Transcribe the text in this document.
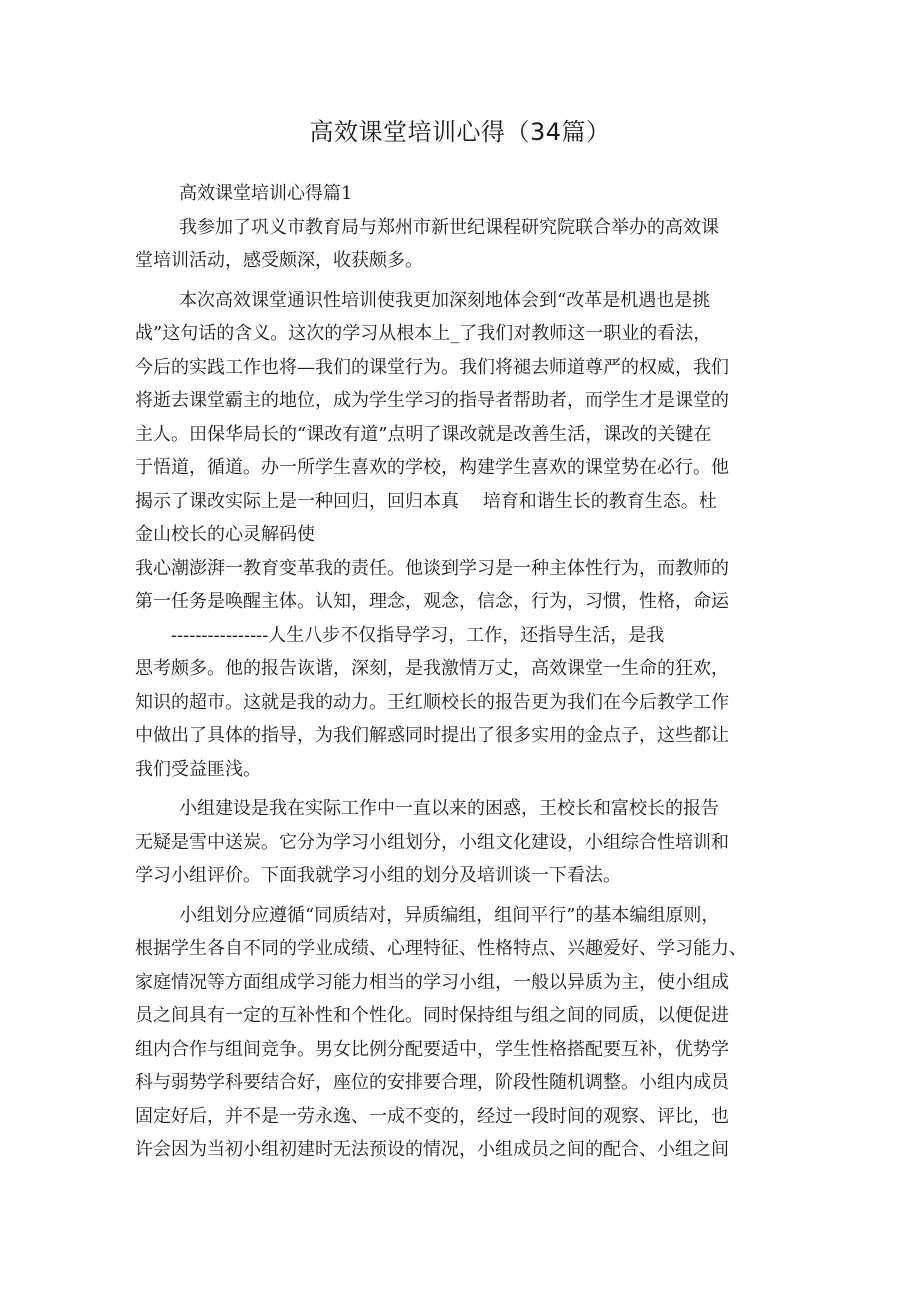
高效课堂培训心得（34篇）
高效课堂培训心得篇1
我参加了巩义市教育局与郑州市新世纪课程研究院联合举办的高效课
堂培训活动，感受颇深，收获颇多。
本次高效课堂通识性培训使我更加深刻地体会到“改革是机遇也是挑
战”这句话的含义。这次的学习从根本上_了我们对教师这一职业的看法，
今后的实践工作也将—我们的课堂行为。我们将褪去师道尊严的权威，我们
将逝去课堂霸主的地位，成为学生学习的指导者帮助者，而学生才是课堂的
主人。田保华局长的“课改有道”点明了课改就是改善生活，课改的关键在
于悟道，循道。办一所学生喜欢的学校，构建学生喜欢的课堂势在必行。他
揭示了课改实际上是一种回归，回归本真　 培育和谐生长的教育生态。杜
金山校长的心灵解码使
我心潮澎湃一教育变革我的责任。他谈到学习是一种主体性行为，而教师的
第一任务是唤醒主体。认知，理念，观念，信念，行为，习惯，性格，命运
　　----------------人生八步不仅指导学习，工作，还指导生活，是我
思考颇多。他的报告诙谐，深刻，是我激情万丈，高效课堂一生命的狂欢，
知识的超市。这就是我的动力。王红顺校长的报告更为我们在今后教学工作
中做出了具体的指导，为我们解惑同时提出了很多实用的金点子，这些都让
我们受益匪浅。
小组建设是我在实际工作中一直以来的困惑，王校长和富校长的报告
无疑是雪中送炭。它分为学习小组划分，小组文化建设，小组综合性培训和
学习小组评价。下面我就学习小组的划分及培训谈一下看法。
小组划分应遵循“同质结对，异质编组，组间平行”的基本编组原则，
根据学生各自不同的学业成绩、心理特征、性格特点、兴趣爱好、学习能力、
家庭情况等方面组成学习能力相当的学习小组，一般以异质为主，使小组成
员之间具有一定的互补性和个性化。同时保持组与组之间的同质，以便促进
组内合作与组间竞争。男女比例分配要适中，学生性格搭配要互补，优势学
科与弱势学科要结合好，座位的安排要合理，阶段性随机调整。小组内成员
固定好后，并不是一劳永逸、一成不变的，经过一段时间的观察、评比，也
许会因为当初小组初建时无法预设的情况，小组成员之间的配合、小组之间
